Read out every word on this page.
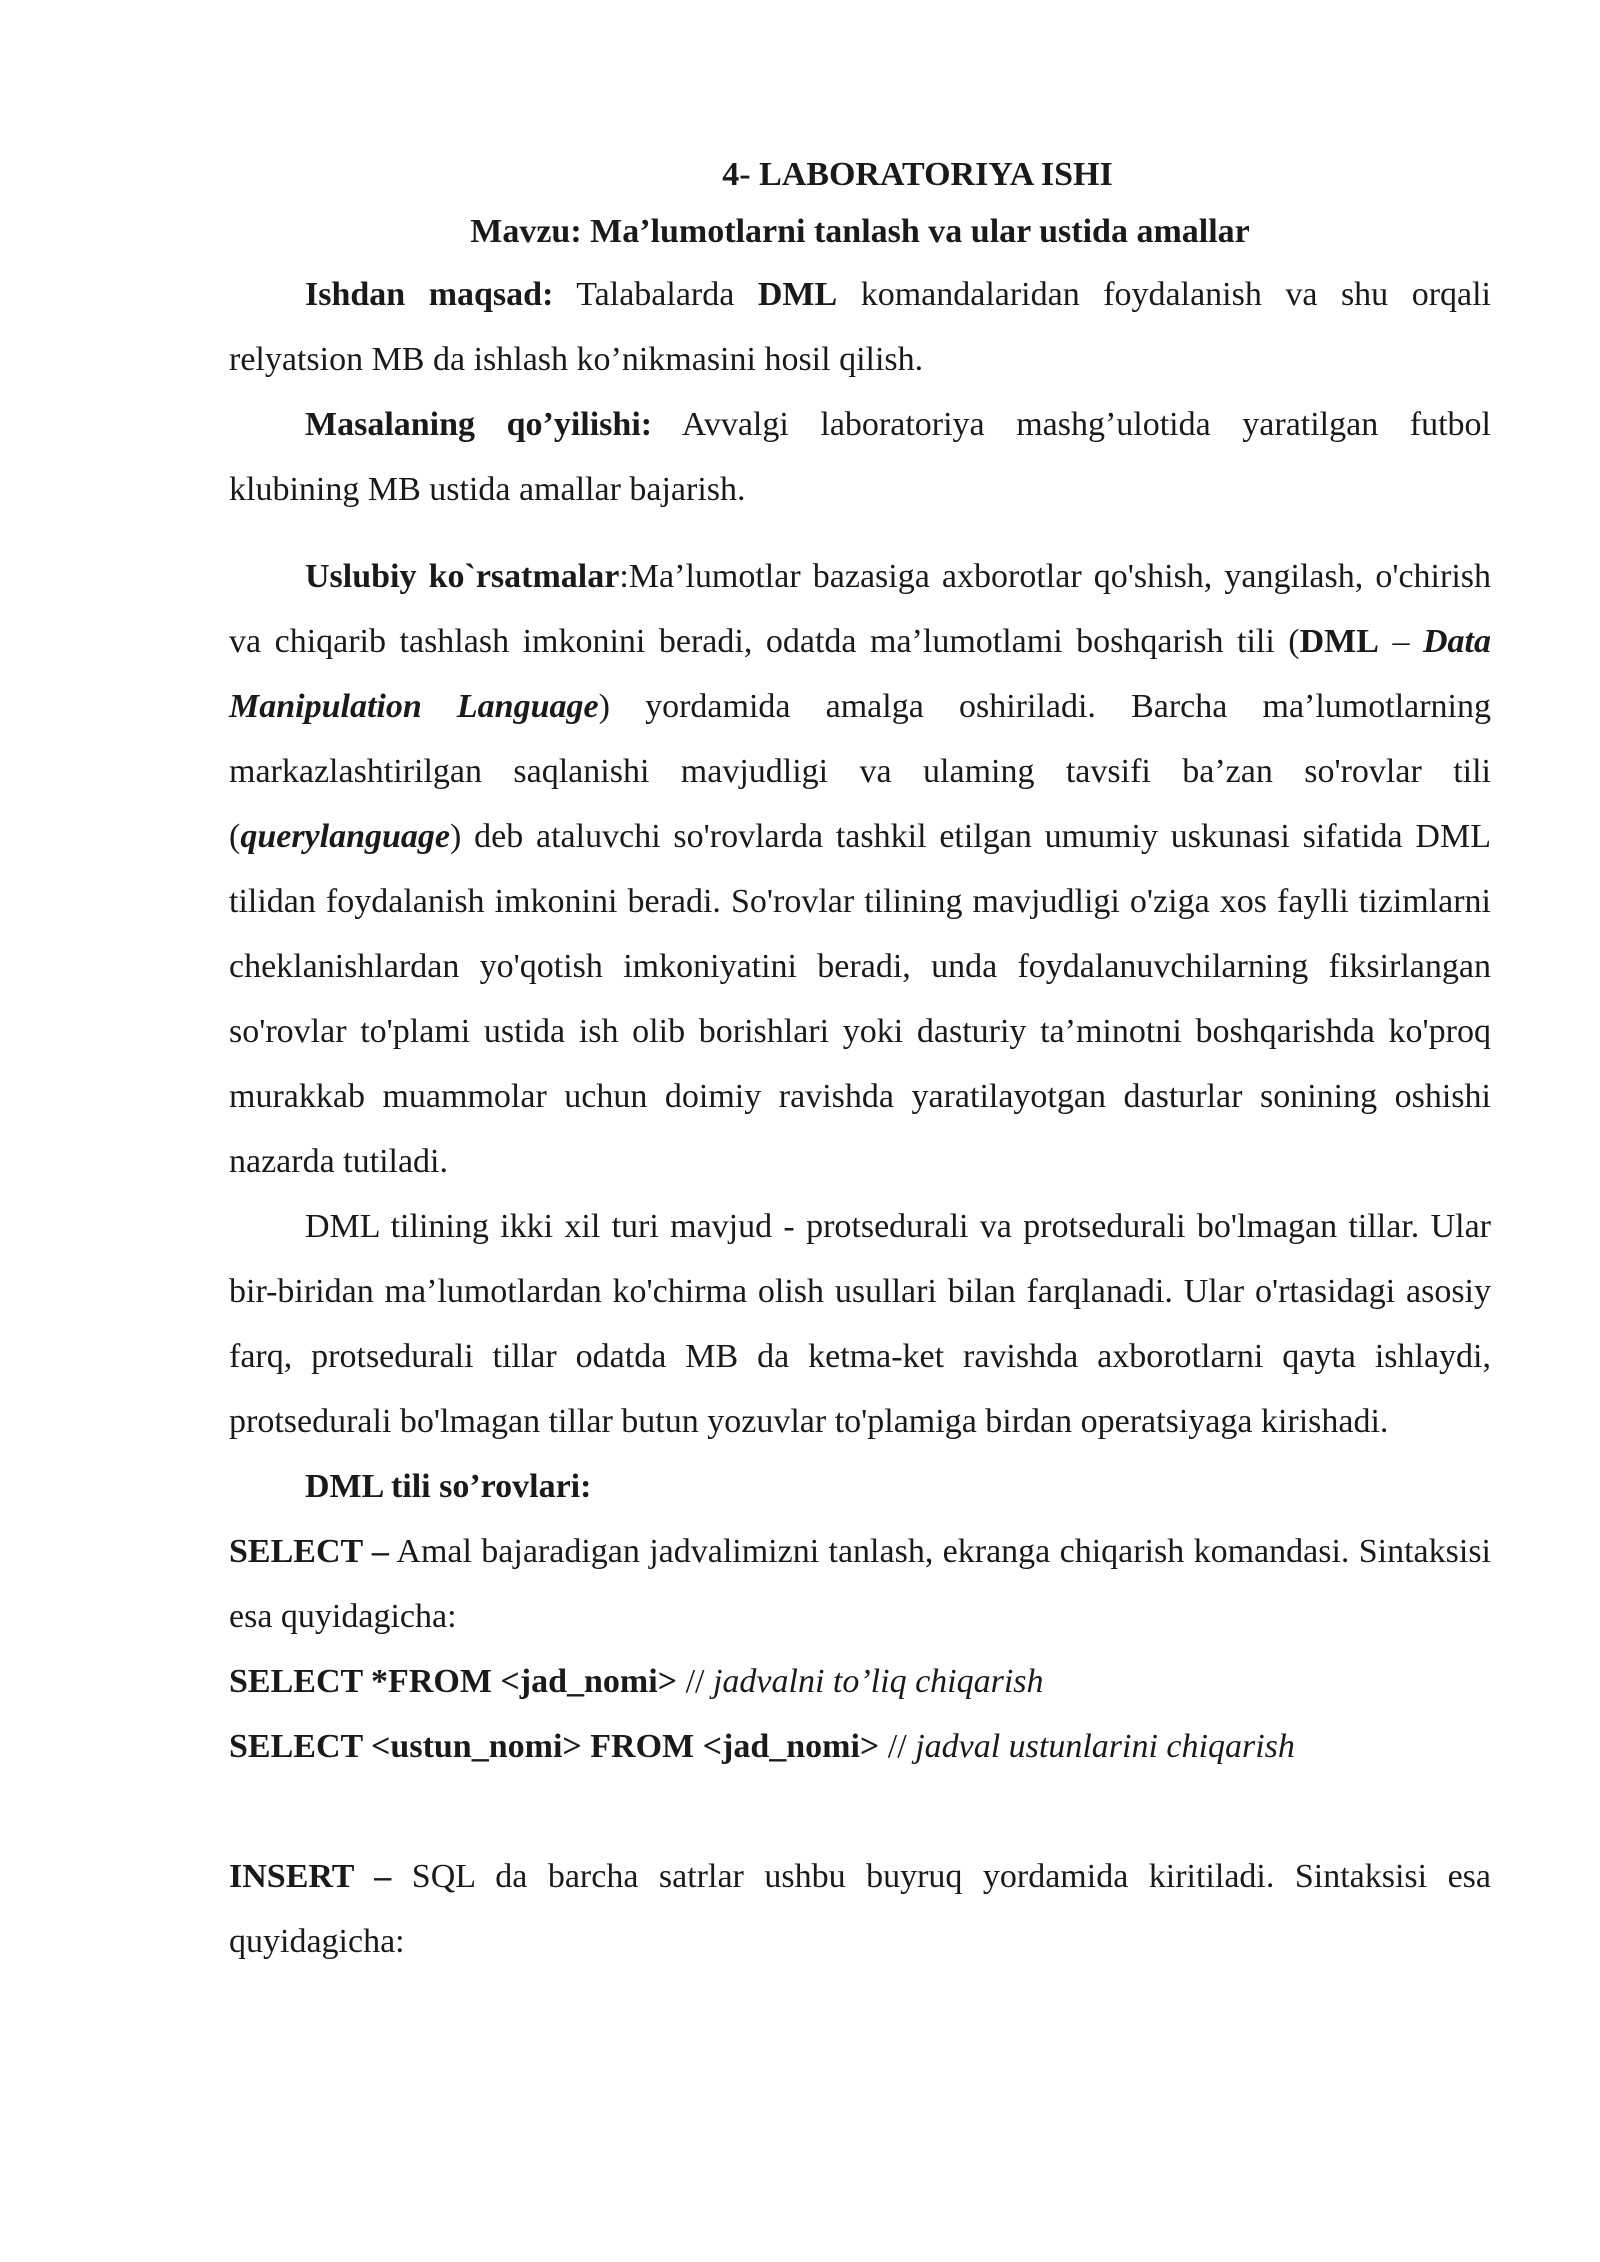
4- LABORATORIYA ISHI

Mavzu: Ma’lumotlarni tanlash va ular ustida amallar

Ishdan maqsad: Talabalarda DML komandalaridan foydalanish va shu orqali relyatsion MB da ishlash ko’nikmasini hosil qilish.

Masalaning qo’yilishi: Avvalgi laboratoriya mashg’ulotida yaratilgan futbol klubining MB ustida amallar bajarish.

Uslubiy ko`rsatmalar:Ma’lumotlar bazasiga axborotlar qo'shish, yangilash, o'chirish va chiqarib tashlash imkonini beradi, odatda ma’lumotlami boshqarish tili (DML – Data Manipulation Language) yordamida amalga oshiriladi. Barcha ma’lumotlarning markazlashtirilgan saqlanishi mavjudligi va ulaming tavsifi ba’zan so'rovlar tili (querylanguage) deb ataluvchi so'rovlarda tashkil etilgan umumiy uskunasi sifatida DML tilidan foydalanish imkonini beradi. So'rovlar tilining mavjudligi o'ziga xos faylli tizimlarni cheklanishlardan yo'qotish imkoniyatini beradi, unda foydalanuvchilarning fiksirlangan so'rovlar to'plami ustida ish olib borishlari yoki dasturiy ta’minotni boshqarishda ko'proq murakkab muammolar uchun doimiy ravishda yaratilayotgan dasturlar sonining oshishi nazarda tutiladi.

DML tilining ikki xil turi mavjud - protsedurali va protsedurali bo'lmagan tillar. Ular bir-biridan ma’lumotlardan ko'chirma olish usullari bilan farqlanadi. Ular o'rtasidagi asosiy farq, protsedurali tillar odatda MB da ketma-ket ravishda axborotlarni qayta ishlaydi, protsedurali bo'lmagan tillar butun yozuvlar to'plamiga birdan operatsiyaga kirishadi.

DML tili so’rovlari:

SELECT – Amal bajaradigan jadvalimizni tanlash, ekranga chiqarish komandasi. Sintaksisi esa quyidagicha:

SELECT *FROM <jad_nomi> // jadvalni to’liq chiqarish

SELECT <ustun_nomi> FROM <jad_nomi> // jadval ustunlarini chiqarish

INSERT – SQL da barcha satrlar ushbu buyruq yordamida kiritiladi. Sintaksisi esa quyidagicha:
